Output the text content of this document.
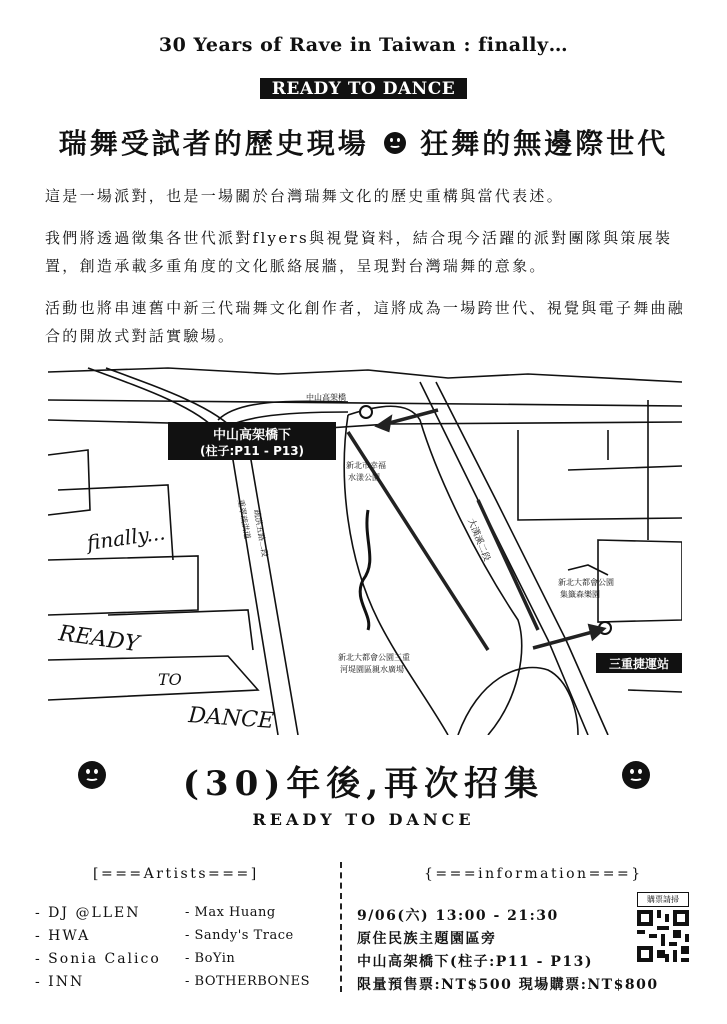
30 Years of Rave in Taiwan : finally…
READY TO DANCE
瑞舞受試者的歷史現場 狂舞的無邊際世代

這是一場派對，也是一場關於台灣瑞舞文化的歷史重構與當代表述。

我們將透過徵集各世代派對flyers與視覺資料，結合現今活躍的派對團隊與策展裝置，創造承載多重角度的文化脈絡展牆，呈現對台灣瑞舞的意象。

活動也將串連舊中新三代瑞舞文化創作者，這將成為一場跨世代、視覺與電子舞曲融合的開放式對話實驗場。

中山高架橋
中山高架橋下
(柱子:P11 - P13)
新北市幸福
水漾公園
重翠疏洪道 疏洪五路二段	大漢溪二段
新北大都會公園
集籤森樂園
新北大都會公園三重
河堤園區親水廣場	三重捷運站
finally...
READY
TO
DANCE
(30)年後,再次招集
READY TO DANCE
[===Artists===]	{===information===}
- DJ @LLEN
- HWA
- Sonia Calico
- INN
- Max Huang
- Sandy's Trace
- BoYin
- BOTHERBONES
9/06(六) 13:00 - 21:30
原住民族主題園區旁
中山高架橋下(柱子:P11 - P13)
限量預售票:NT$500 現場購票:NT$800
購票請掃
